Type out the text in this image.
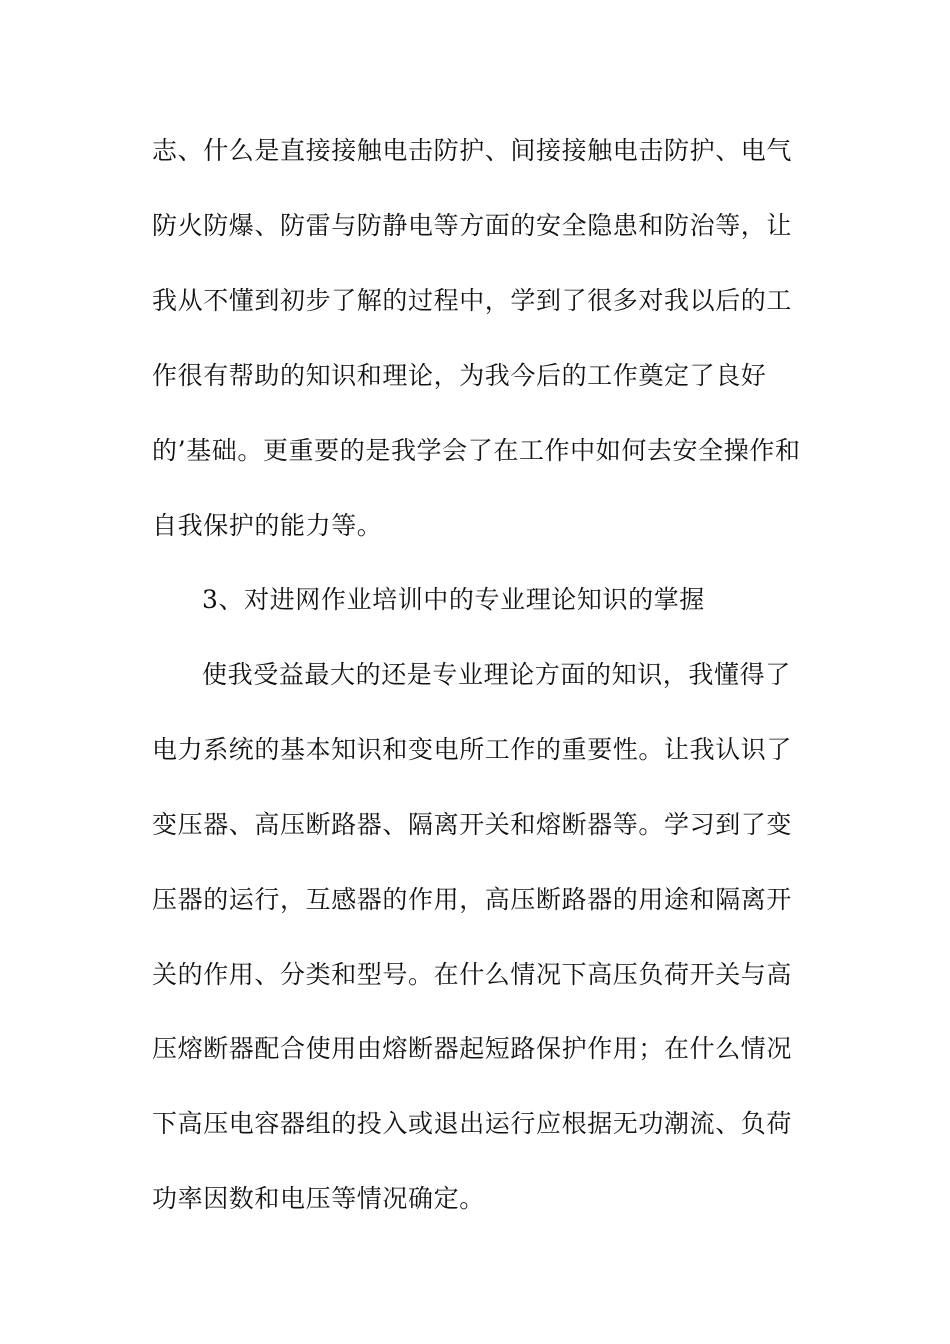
志、什么是直接接触电击防护、间接接触电击防护、电气
防火防爆、防雷与防静电等方面的安全隐患和防治等，让
我从不懂到初步了解的过程中，学到了很多对我以后的工
作很有帮助的知识和理论，为我今后的工作奠定了良好
的’基础。更重要的是我学会了在工作中如何去安全操作和
自我保护的能力等。
3、对进网作业培训中的专业理论知识的掌握
使我受益最大的还是专业理论方面的知识，我懂得了
电力系统的基本知识和变电所工作的重要性。让我认识了
变压器、高压断路器、隔离开关和熔断器等。学习到了变
压器的运行，互感器的作用，高压断路器的用途和隔离开
关的作用、分类和型号。在什么情况下高压负荷开关与高
压熔断器配合使用由熔断器起短路保护作用；在什么情况
下高压电容器组的投入或退出运行应根据无功潮流、负荷
功率因数和电压等情况确定。
